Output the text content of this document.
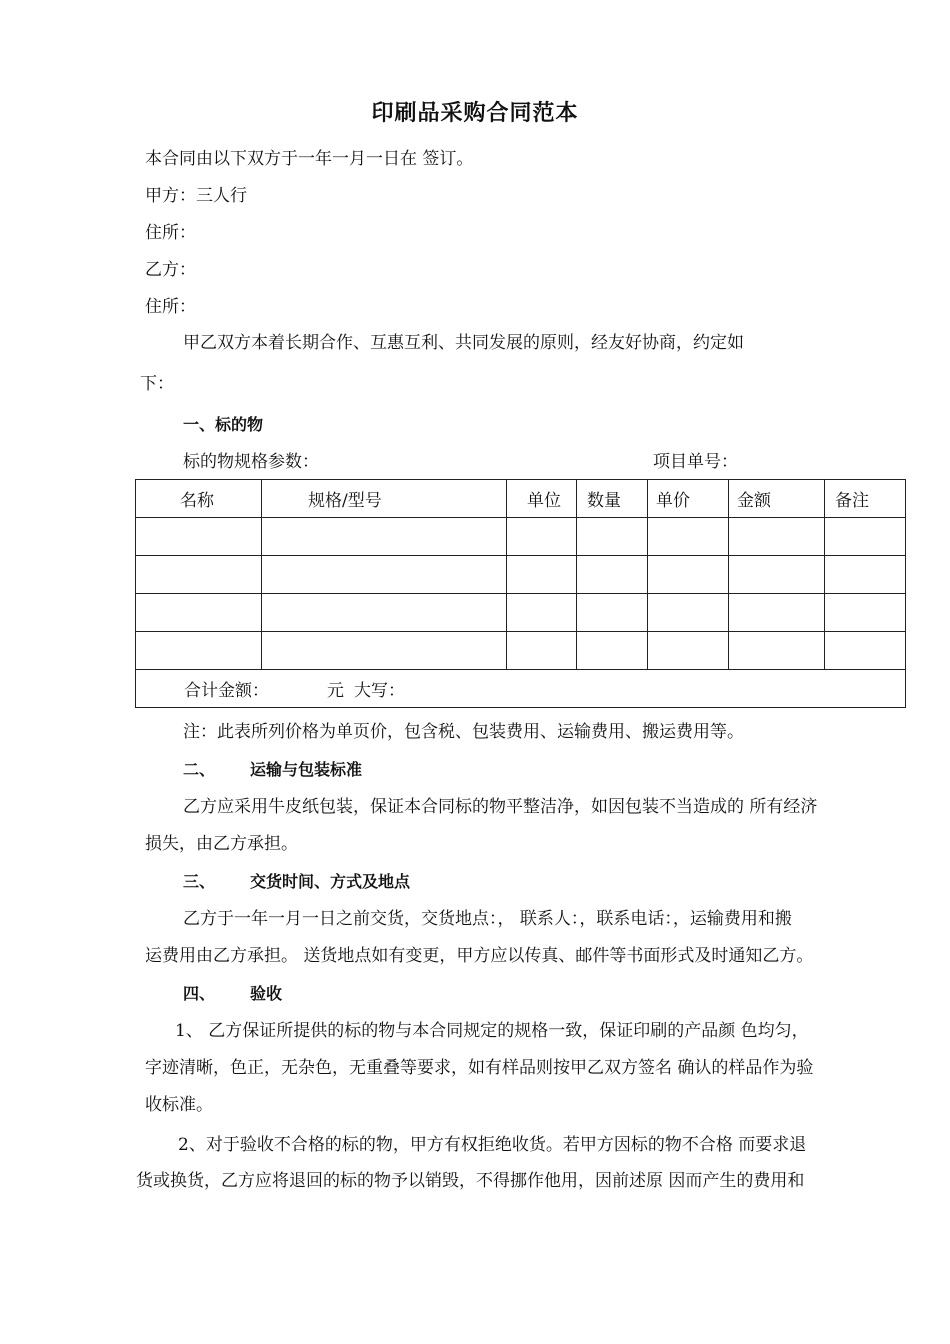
印刷品采购合同范本
本合同由以下双方于一年一月一日在 签订。
甲方：三人行
住所：
乙方：
住所：
甲乙双方本着长期合作、互惠互利、共同发展的原则，经友好协商，约定如
下：
一、标的物
标的物规格参数：	项目单号：
名称	规格/型号	单位	数量	单价	金额	备注

合计金额： 元 大写：						
注：此表所列价格为单页价，包含税、包装费用、运输费用、搬运费用等。
二、 运输与包装标准
乙方应采用牛皮纸包装，保证本合同标的物平整洁净，如因包装不当造成的 所有经济
损失，由乙方承担。
三、 交货时间、方式及地点
乙方于一年一月一日之前交货，交货地点：， 联系人：，联系电话：，运输费用和搬
运费用由乙方承担。 送货地点如有变更，甲方应以传真、邮件等书面形式及时通知乙方。
四、 验收
1、 乙方保证所提供的标的物与本合同规定的规格一致，保证印刷的产品颜 色均匀，
字迹清晰，色正，无杂色，无重叠等要求，如有样品则按甲乙双方签名 确认的样品作为验
收标准。
2、对于验收不合格的标的物，甲方有权拒绝收货。若甲方因标的物不合格 而要求退
货或换货，乙方应将退回的标的物予以销毁，不得挪作他用，因前述原 因而产生的费用和
